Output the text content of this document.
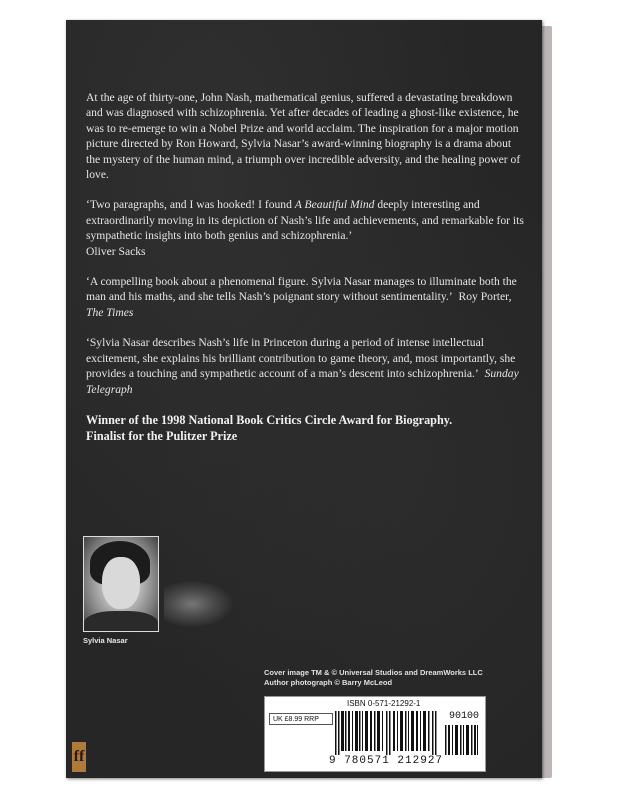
At the age of thirty-one, John Nash, mathematical genius, suffered a devastating breakdown and was diagnosed with schizophrenia. Yet after decades of leading a ghost-like existence, he was to re-emerge to win a Nobel Prize and world acclaim. The inspiration for a major motion picture directed by Ron Howard, Sylvia Nasar’s award-winning biography is a drama about the mystery of the human mind, a triumph over incredible adversity, and the healing power of love.

‘Two paragraphs, and I was hooked! I found A Beautiful Mind deeply interesting and extraordinarily moving in its depiction of Nash’s life and achievements, and remarkable for its sympathetic insights into both genius and schizophrenia.’
Oliver Sacks

‘A compelling book about a phenomenal figure. Sylvia Nasar manages to illuminate both the man and his maths, and she tells Nash’s poignant story without sentimentality.’ Roy Porter, The Times

‘Sylvia Nasar describes Nash’s life in Princeton during a period of intense intellectual excitement, she explains his brilliant contribution to game theory, and, most importantly, she provides a touching and sympathetic account of a man’s descent into schizophrenia.’ Sunday Telegraph

Winner of the 1998 National Book Critics Circle Award for Biography.
Finalist for the Pulitzer Prize
Sylvia Nasar
Cover image TM & © Universal Studios and DreamWorks LLC
Author photograph © Barry McLeod
ISBN 0-571-21292-1
UK £8.99 RRP	90100
9 780571 212927
ff
